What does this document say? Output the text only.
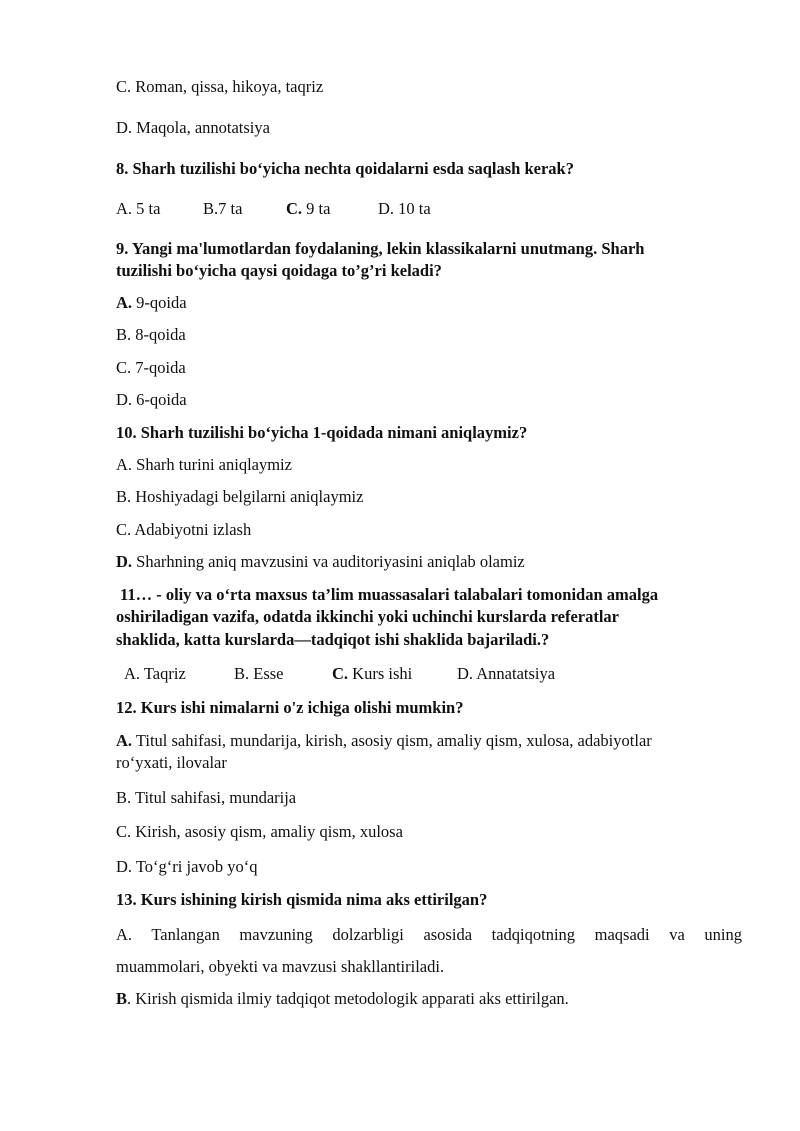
C. Roman, qissa, hikoya, taqriz
D. Maqola, annotatsiya
8. Sharh tuzilishi bo‘yicha nechta qoidalarni esda saqlash kerak?
A. 5 ta	B.7 ta	C. 9 ta	D. 10 ta
9. Yangi ma'lumotlardan foydalaning, lekin klassikalarni unutmang. Sharh
tuzilishi bo‘yicha qaysi qoidaga to’g’ri keladi?
A. 9-qoida
B. 8-qoida
C. 7-qoida
D. 6-qoida
10. Sharh tuzilishi bo‘yicha 1-qoidada nimani aniqlaymiz?
A. Sharh turini aniqlaymiz
B. Hoshiyadagi belgilarni aniqlaymiz
C. Adabiyotni izlash
D. Sharhning aniq mavzusini va auditoriyasini aniqlab olamiz
11… - oliy va o‘rta maxsus ta’lim muassasalari talabalari tomonidan amalga
oshiriladigan vazifa, odatda ikkinchi yoki uchinchi kurslarda referatlar
shaklida, katta kurslarda—tadqiqot ishi shaklida bajariladi.?
A. Taqriz	B. Esse	C. Kurs ishi	D. Annatatsiya
12. Kurs ishi nimalarni o'z ichiga olishi mumkin?
A. Titul sahifasi, mundarija, kirish, asosiy qism, amaliy qism, xulosa, adabiyotlar
ro‘yxati, ilovalar
B. Titul sahifasi, mundarija
C. Kirish, asosiy qism, amaliy qism, xulosa
D. To‘g‘ri javob yo‘q
13. Kurs ishining kirish qismida nima aks ettirilgan?
A. Tanlangan mavzuning dolzarbligi asosida tadqiqotning maqsadi va uning
muammolari, obyekti va mavzusi shakllantiriladi.
B. Kirish qismida ilmiy tadqiqot metodologik apparati aks ettirilgan.
